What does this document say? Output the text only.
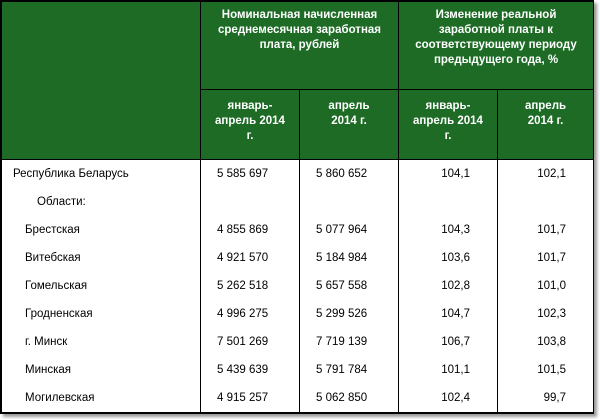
	Номинальная начисленная среднемесячная заработная плата, рублей		Изменение реальной заработной платы к соответствующему периоду предыдущего года, %	

	январь-апрель 2014 г.	апрель 2014 г.	январь-апрель 2014 г.	апрель 2014 г.

Республика Беларусь	5 585 697	5 860 652	104,1	102,1
Области:				
Брестская	4 855 869	5 077 964	104,3	101,7
Витебская	4 921 570	5 184 984	103,6	101,7
Гомельская	5 262 518	5 657 558	102,8	101,0
Гродненская	4 996 275	5 299 526	104,7	102,3
г. Минск	7 501 269	7 719 139	106,7	103,8
Минская	5 439 639	5 791 784	101,1	101,5
Могилевская	4 915 257	5 062 850	102,4	99,7
